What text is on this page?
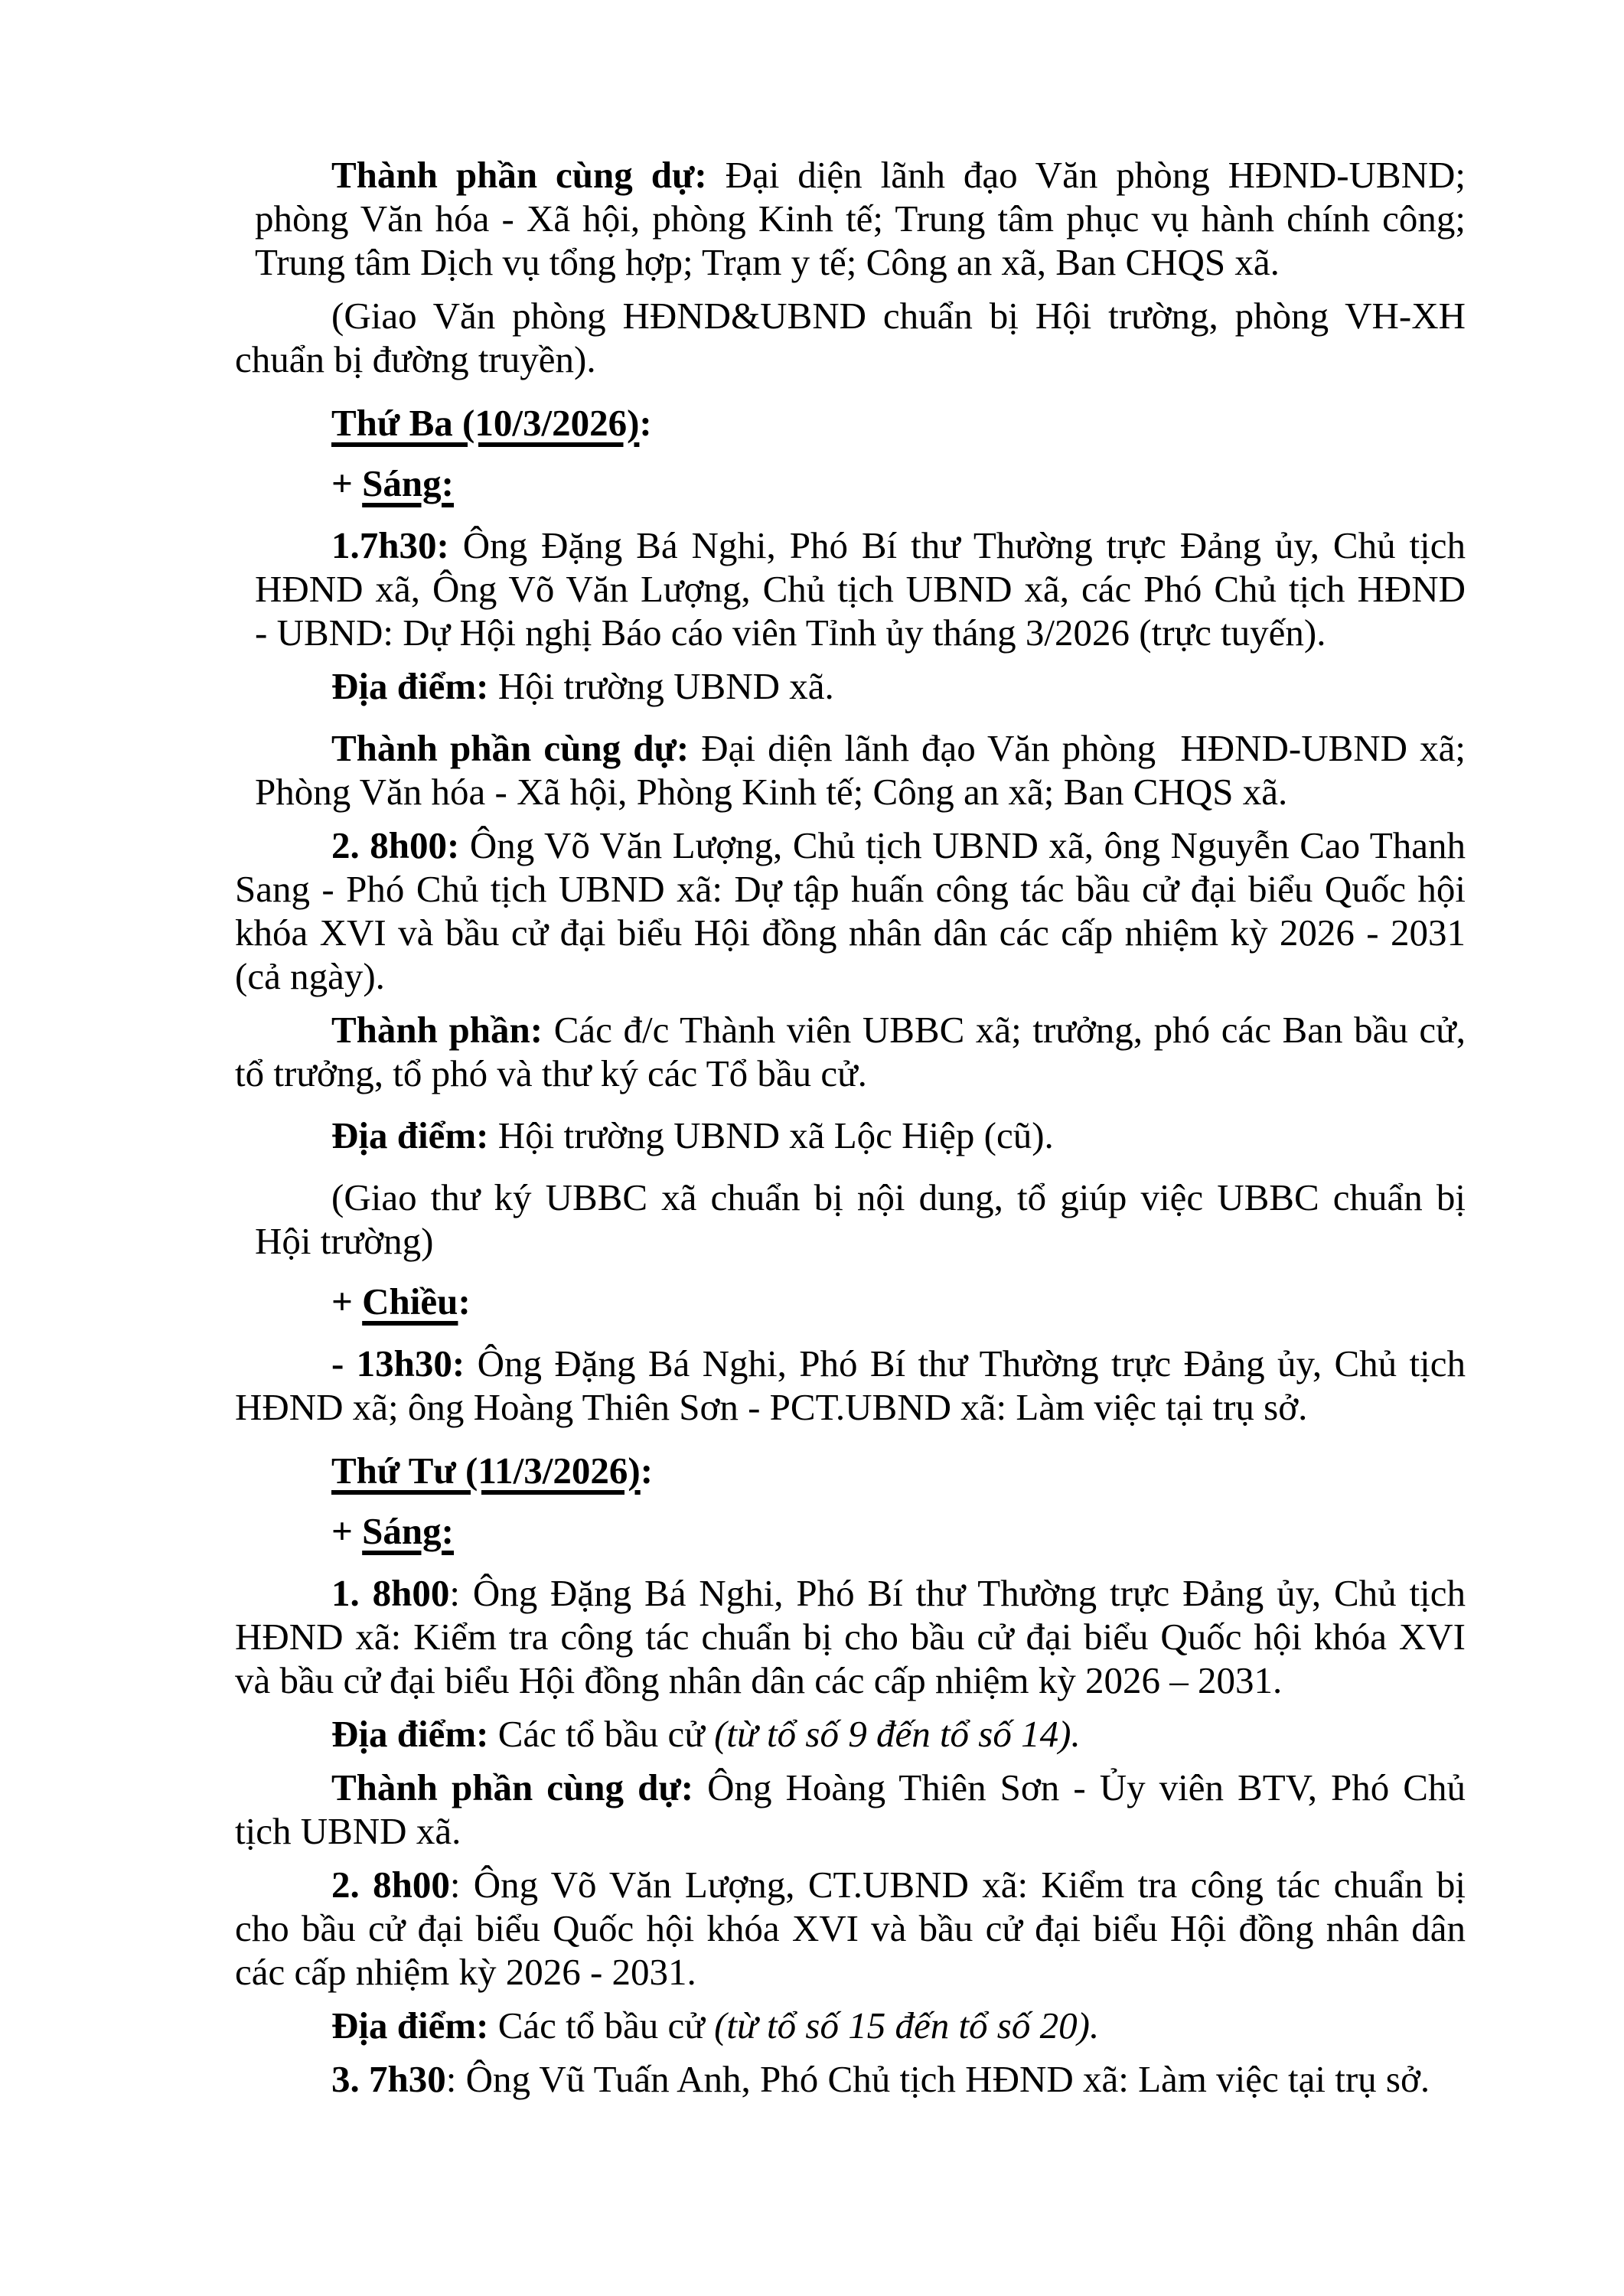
Thành phần cùng dự: Đại diện lãnh đạo Văn phòng HĐND-UBND;
phòng Văn hóa - Xã hội, phòng Kinh tế; Trung tâm phục vụ hành chính công;
Trung tâm Dịch vụ tổng hợp; Trạm y tế; Công an xã, Ban CHQS xã.

(Giao Văn phòng HĐND&UBND chuẩn bị Hội trường, phòng VH-XH
chuẩn bị đường truyền).

Thứ Ba (10/3/2026):

+ Sáng:

1.7h30: Ông Đặng Bá Nghi, Phó Bí thư Thường trực Đảng ủy, Chủ tịch
HĐND xã, Ông Võ Văn Lượng, Chủ tịch UBND xã, các Phó Chủ tịch HĐND
- UBND: Dự Hội nghị Báo cáo viên Tỉnh ủy tháng 3/2026 (trực tuyến).

Địa điểm: Hội trường UBND xã.

Thành phần cùng dự: Đại diện lãnh đạo Văn phòng  HĐND-UBND xã;
Phòng Văn hóa - Xã hội, Phòng Kinh tế; Công an xã; Ban CHQS xã.

2. 8h00: Ông Võ Văn Lượng, Chủ tịch UBND xã, ông Nguyễn Cao Thanh
Sang - Phó Chủ tịch UBND xã: Dự tập huấn công tác bầu cử đại biểu Quốc hội
khóa XVI và bầu cử đại biểu Hội đồng nhân dân các cấp nhiệm kỳ 2026 - 2031
(cả ngày).

Thành phần: Các đ/c Thành viên UBBC xã; trưởng, phó các Ban bầu cử,
tổ trưởng, tổ phó và thư ký các Tổ bầu cử.

Địa điểm: Hội trường UBND xã Lộc Hiệp (cũ).

(Giao thư ký UBBC xã chuẩn bị nội dung, tổ giúp việc UBBC chuẩn bị
Hội trường)

+ Chiều:

- 13h30: Ông Đặng Bá Nghi, Phó Bí thư Thường trực Đảng ủy, Chủ tịch
HĐND xã; ông Hoàng Thiên Sơn - PCT.UBND xã: Làm việc tại trụ sở.

Thứ Tư (11/3/2026):

+ Sáng:

1. 8h00: Ông Đặng Bá Nghi, Phó Bí thư Thường trực Đảng ủy, Chủ tịch
HĐND xã: Kiểm tra công tác chuẩn bị cho bầu cử đại biểu Quốc hội khóa XVI
và bầu cử đại biểu Hội đồng nhân dân các cấp nhiệm kỳ 2026 – 2031.

Địa điểm: Các tổ bầu cử (từ tổ số 9 đến tổ số 14).

Thành phần cùng dự: Ông Hoàng Thiên Sơn - Ủy viên BTV, Phó Chủ
tịch UBND xã.

2. 8h00: Ông Võ Văn Lượng, CT.UBND xã: Kiểm tra công tác chuẩn bị
cho bầu cử đại biểu Quốc hội khóa XVI và bầu cử đại biểu Hội đồng nhân dân
các cấp nhiệm kỳ 2026 - 2031.

Địa điểm: Các tổ bầu cử (từ tổ số 15 đến tổ số 20).

3. 7h30: Ông Vũ Tuấn Anh, Phó Chủ tịch HĐND xã: Làm việc tại trụ sở.
